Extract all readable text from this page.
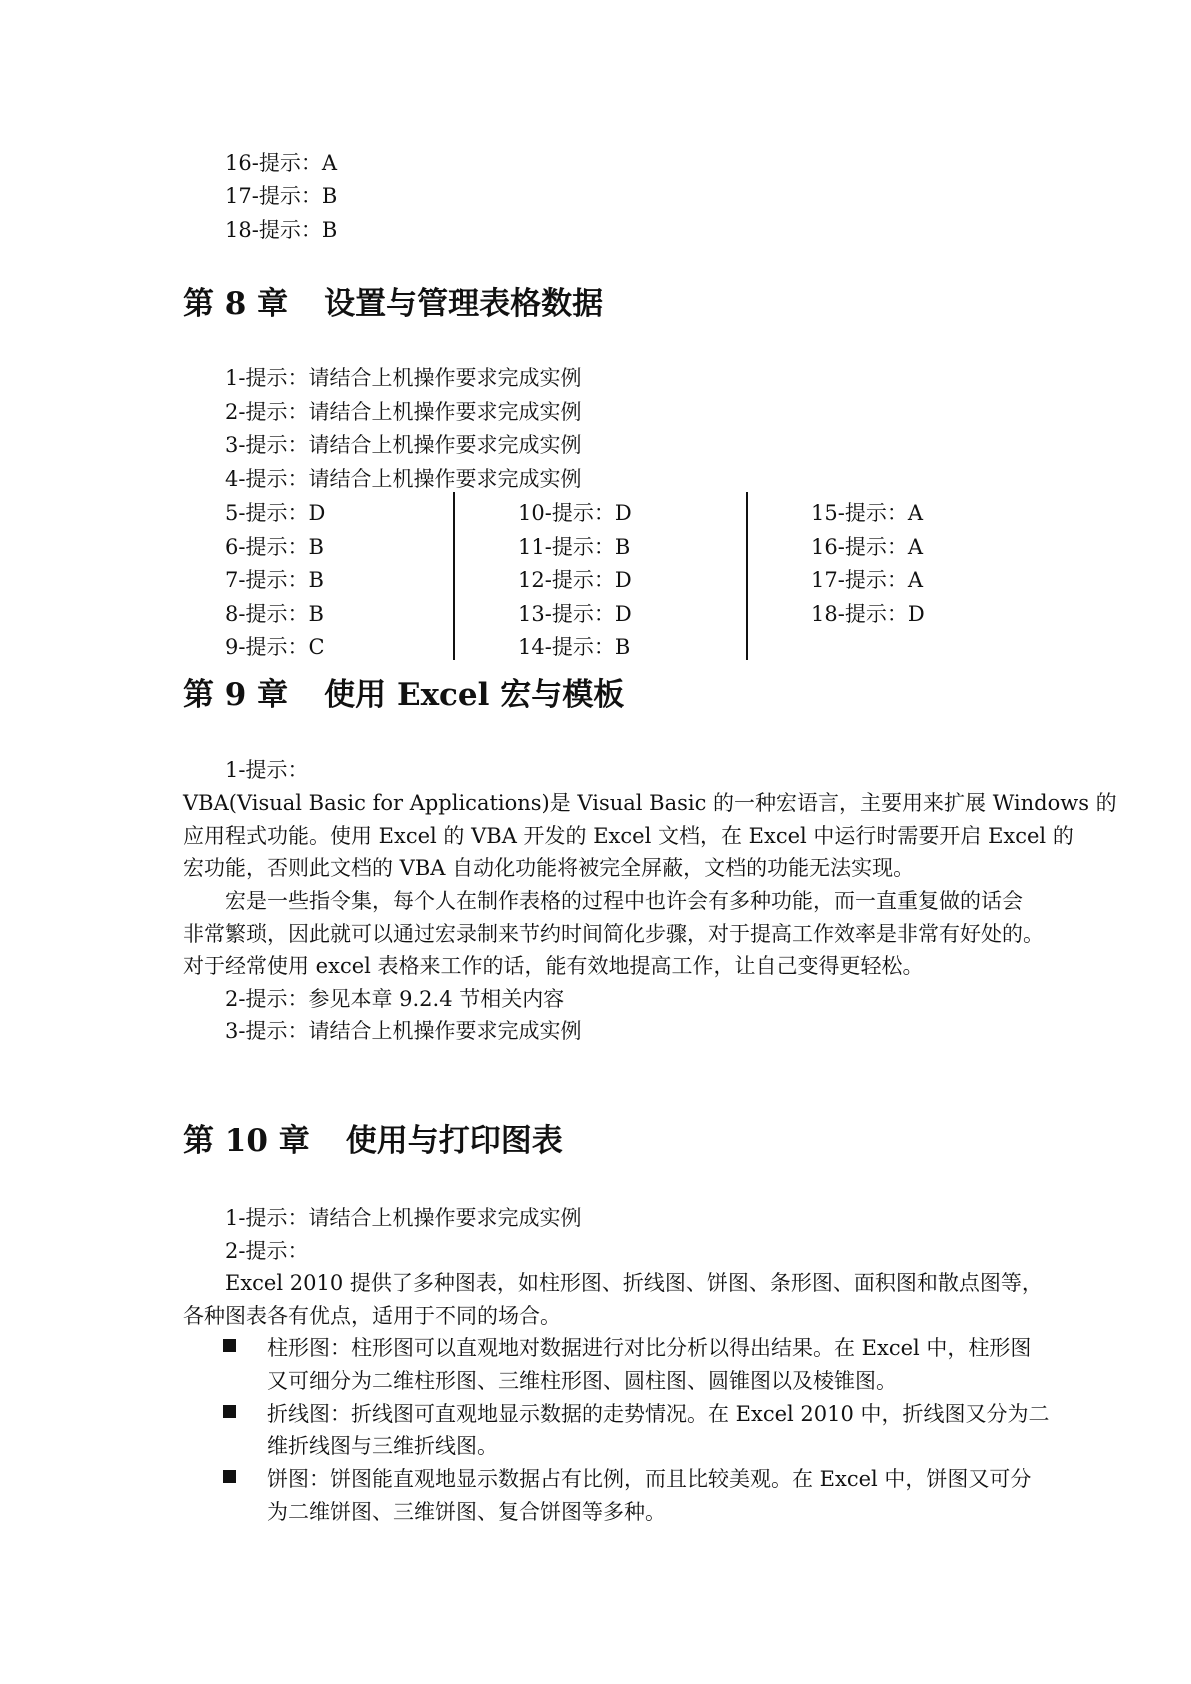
16-提示：A
17-提示：B
18-提示：B
第 8 章 设置与管理表格数据
1-提示：请结合上机操作要求完成实例
2-提示：请结合上机操作要求完成实例
3-提示：请结合上机操作要求完成实例
4-提示：请结合上机操作要求完成实例
5-提示：D
6-提示：B
7-提示：B
8-提示：B
9-提示：C
10-提示：D
11-提示：B
12-提示：D
13-提示：D
14-提示：B
15-提示：A
16-提示：A
17-提示：A
18-提示：D
第 9 章 使用 Excel 宏与模板
1-提示：
VBA(Visual Basic for Applications)是 Visual Basic 的一种宏语言，主要用来扩展 Windows 的
应用程式功能。使用 Excel 的 VBA 开发的 Excel 文档，在 Excel 中运行时需要开启 Excel 的
宏功能，否则此文档的 VBA 自动化功能将被完全屏蔽，文档的功能无法实现。
宏是一些指令集，每个人在制作表格的过程中也许会有多种功能，而一直重复做的话会
非常繁琐，因此就可以通过宏录制来节约时间简化步骤，对于提高工作效率是非常有好处的。
对于经常使用 excel 表格来工作的话，能有效地提高工作，让自己变得更轻松。
2-提示：参见本章 9.2.4 节相关内容
3-提示：请结合上机操作要求完成实例
第 10 章 使用与打印图表
1-提示：请结合上机操作要求完成实例
2-提示：
Excel 2010 提供了多种图表，如柱形图、折线图、饼图、条形图、面积图和散点图等，
各种图表各有优点，适用于不同的场合。
柱形图：柱形图可以直观地对数据进行对比分析以得出结果。在 Excel 中，柱形图
又可细分为二维柱形图、三维柱形图、圆柱图、圆锥图以及棱锥图。
折线图：折线图可直观地显示数据的走势情况。在 Excel 2010 中，折线图又分为二
维折线图与三维折线图。
饼图：饼图能直观地显示数据占有比例，而且比较美观。在 Excel 中，饼图又可分
为二维饼图、三维饼图、复合饼图等多种。
